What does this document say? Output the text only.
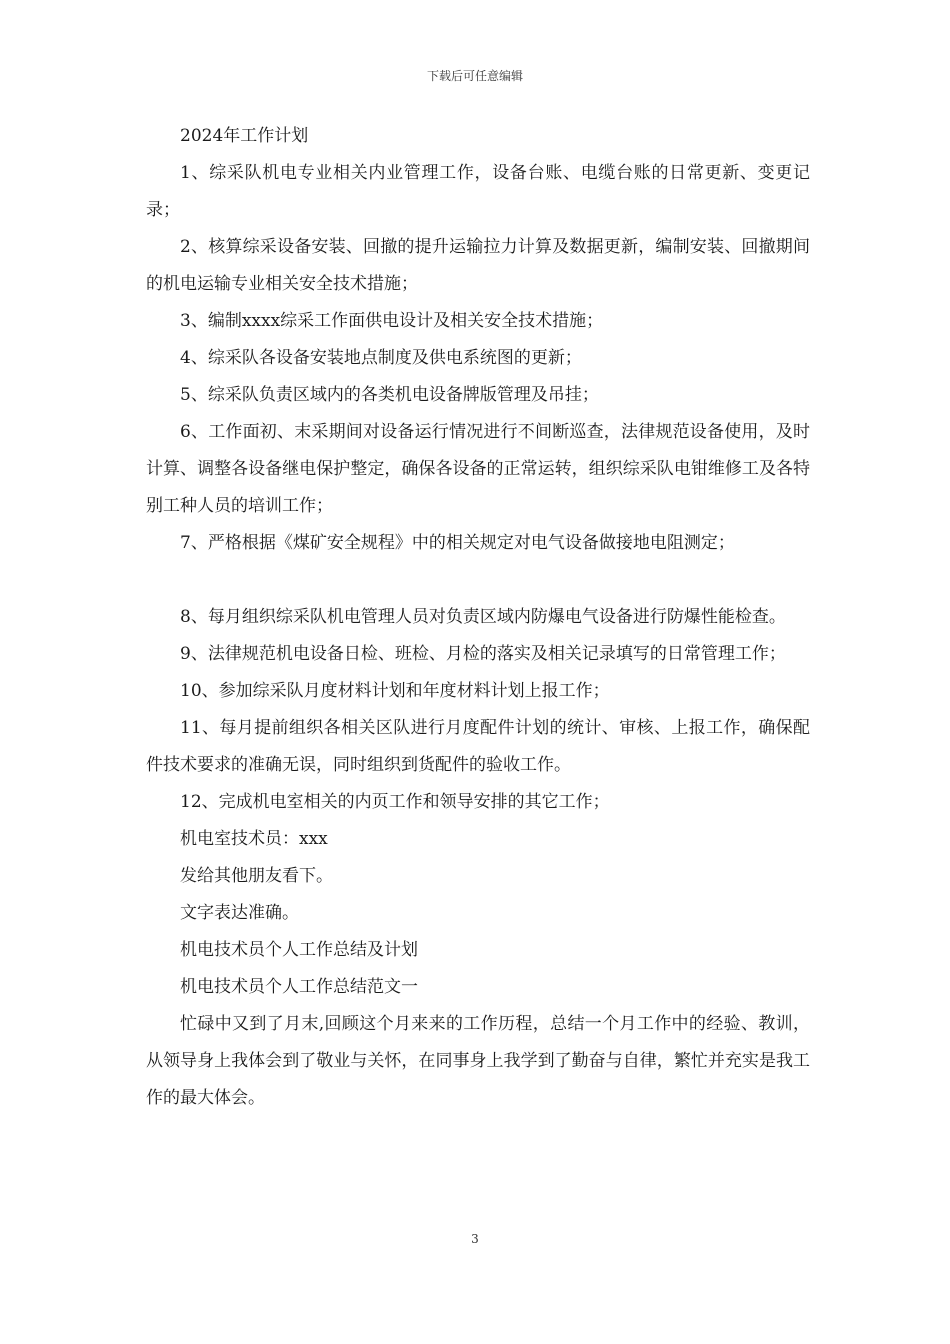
下载后可任意编辑

2024年工作计划

1、综采队机电专业相关内业管理工作，设备台账、电缆台账的日常更新、变更记录；

2、核算综采设备安装、回撤的提升运输拉力计算及数据更新，编制安装、回撤期间的机电运输专业相关安全技术措施；

3、编制xxxx综采工作面供电设计及相关安全技术措施；

4、综采队各设备安装地点制度及供电系统图的更新；

5、综采队负责区域内的各类机电设备牌版管理及吊挂；

6、工作面初、末采期间对设备运行情况进行不间断巡查，法律规范设备使用，及时计算、调整各设备继电保护整定，确保各设备的正常运转，组织综采队电钳维修工及各特别工种人员的培训工作；

7、严格根据《煤矿安全规程》中的相关规定对电气设备做接地电阻测定；

8、每月组织综采队机电管理人员对负责区域内防爆电气设备进行防爆性能检查。

9、法律规范机电设备日检、班检、月检的落实及相关记录填写的日常管理工作；

10、参加综采队月度材料计划和年度材料计划上报工作；

11、每月提前组织各相关区队进行月度配件计划的统计、审核、上报工作，确保配件技术要求的准确无误，同时组织到货配件的验收工作。

12、完成机电室相关的内页工作和领导安排的其它工作；

机电室技术员：xxx

发给其他朋友看下。

文字表达准确。

机电技术员个人工作总结及计划

机电技术员个人工作总结范文一

忙碌中又到了月末,回顾这个月来来的工作历程，总结一个月工作中的经验、教训，从领导身上我体会到了敬业与关怀，在同事身上我学到了勤奋与自律，繁忙并充实是我工作的最大体会。

3
